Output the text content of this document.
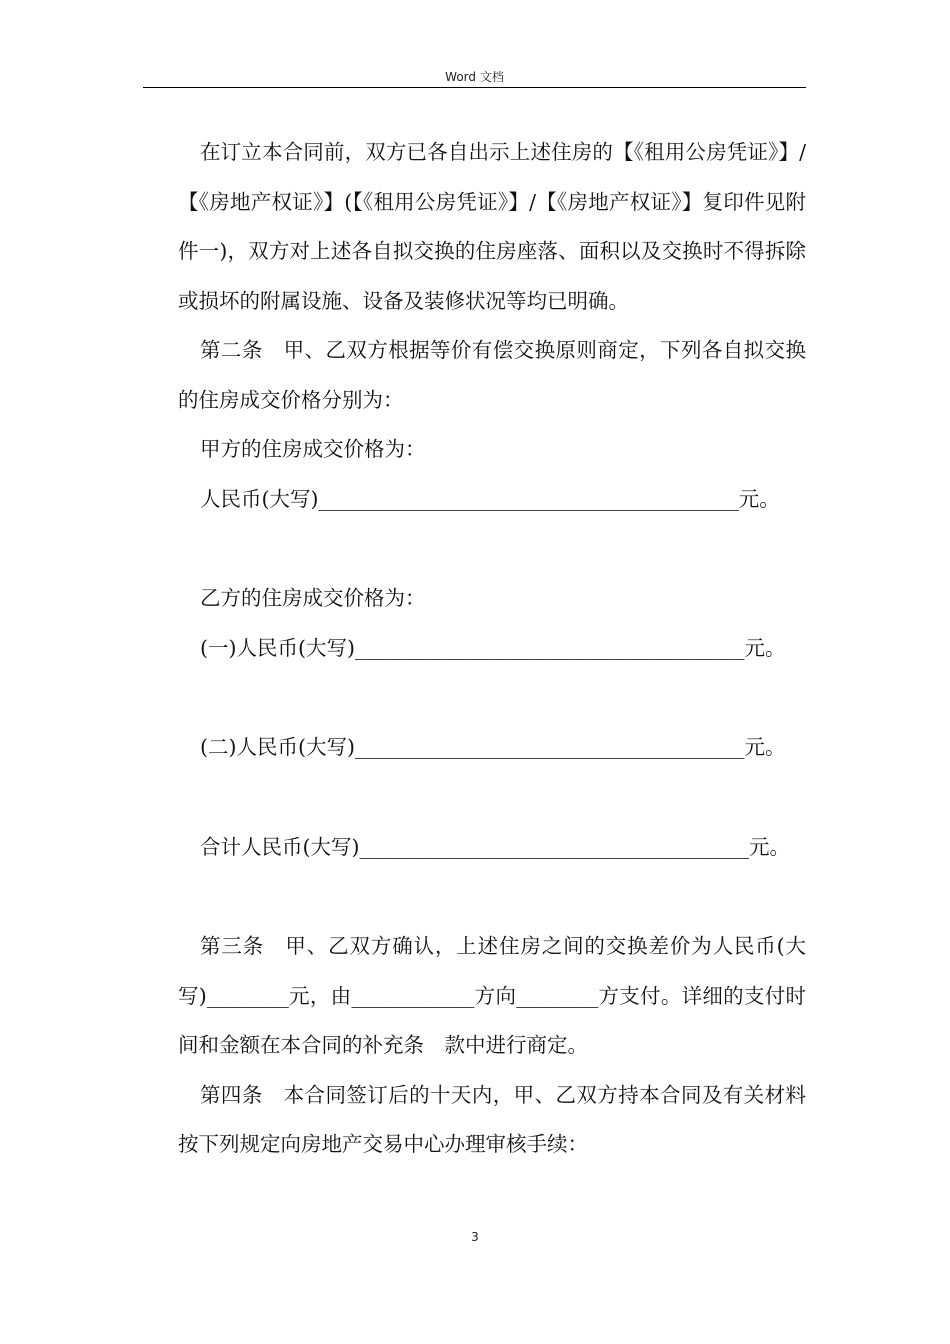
Word 文档

在订立本合同前，双方已各自出示上述住房的【《租用公房凭证》】/【《房地产权证》】(【《租用公房凭证》】/【《房地产权证》】复印件见附件一)，双方对上述各自拟交换的住房座落、面积以及交换时不得拆除或损坏的附属设施、设备及装修状况等均已明确。

第二条　甲、乙双方根据等价有偿交换原则商定，下列各自拟交换的住房成交价格分别为：

甲方的住房成交价格为：

人民币(大写)_________________________________________元。

乙方的住房成交价格为：

(一)人民币(大写)______________________________________元。

(二)人民币(大写)______________________________________元。

合计人民币(大写)______________________________________元。

第三条　甲、乙双方确认，上述住房之间的交换差价为人民币(大写)________元，由____________方向________方支付。详细的支付时间和金额在本合同的补充条　款中进行商定。

第四条　本合同签订后的十天内，甲、乙双方持本合同及有关材料按下列规定向房地产交易中心办理审核手续：

3
